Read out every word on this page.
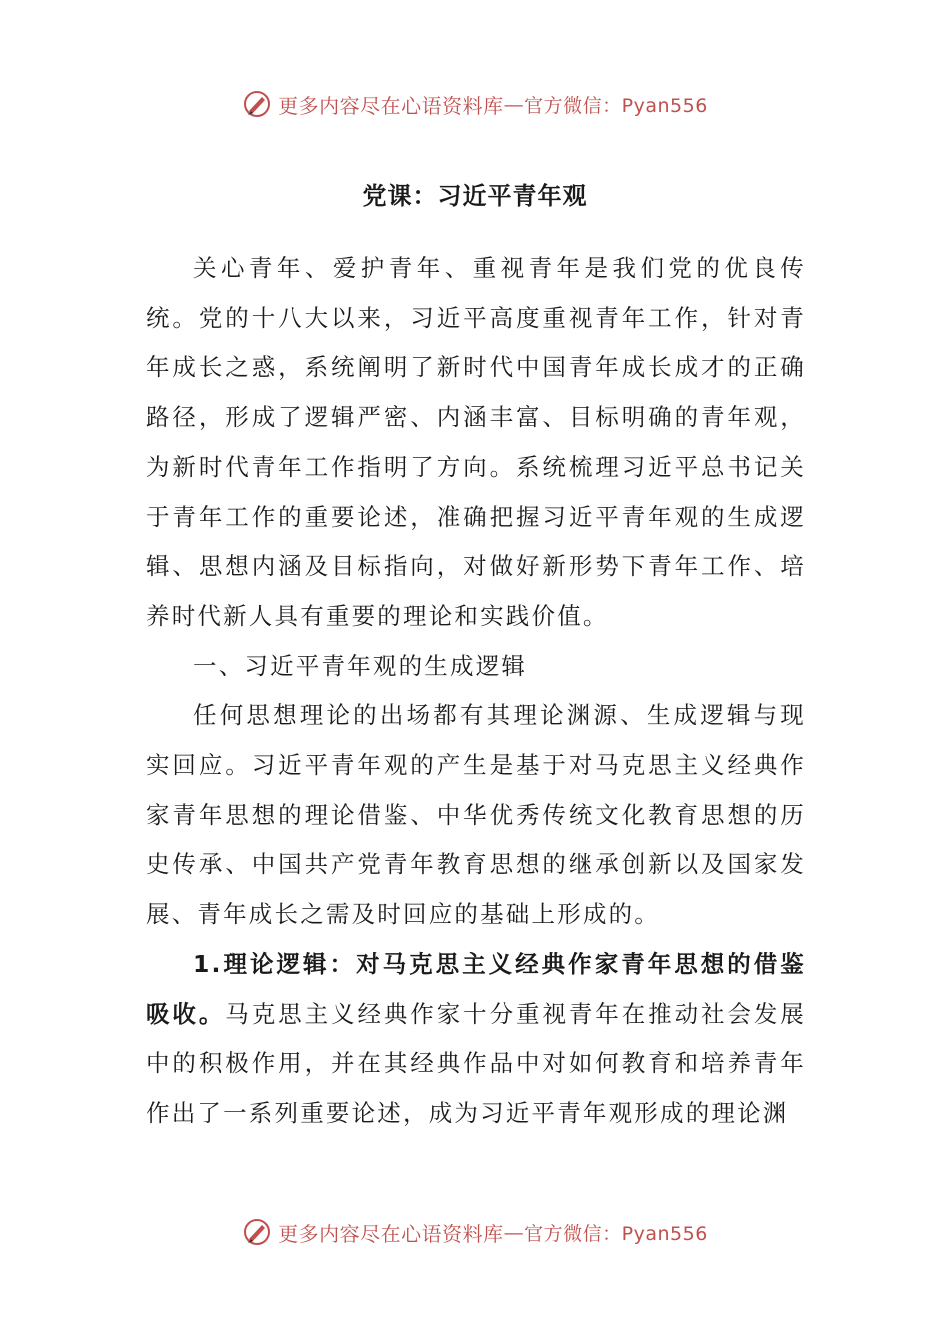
更多内容尽在心语资料库 — 官方微信：Pyan556
党课：习近平青年观

关心青年、爱护青年、重视青年是我们党的优良传统。党的十八大以来，习近平高度重视青年工作，针对青年成长之惑，系统阐明了新时代中国青年成长成才的正确路径，形成了逻辑严密、内涵丰富、目标明确的青年观，为新时代青年工作指明了方向。系统梳理习近平总书记关于青年工作的重要论述，准确把握习近平青年观的生成逻辑、思想内涵及目标指向，对做好新形势下青年工作、培养时代新人具有重要的理论和实践价值。

一、习近平青年观的生成逻辑

任何思想理论的出场都有其理论渊源、生成逻辑与现实回应。习近平青年观的产生是基于对马克思主义经典作家青年思想的理论借鉴、中华优秀传统文化教育思想的历史传承、中国共产党青年教育思想的继承创新以及国家发展、青年成长之需及时回应的基础上形成的。

1.理论逻辑：对马克思主义经典作家青年思想的借鉴吸收。马克思主义经典作家十分重视青年在推动社会发展中的积极作用，并在其经典作品中对如何教育和培养青年作出了一系列重要论述，成为习近平青年观形成的理论渊

更多内容尽在心语资料库 — 官方微信：Pyan556
